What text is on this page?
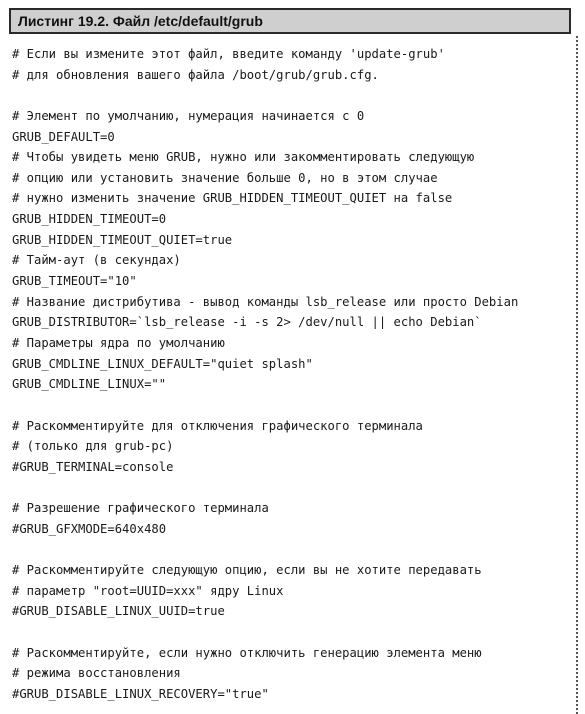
Листинг 19.2. Файл /etc/default/grub
# Если вы измените этот файл, введите команду 'update-grub'
# для обновления вашего файла /boot/grub/grub.cfg.
# Элемент по умолчанию, нумерация начинается с 0
GRUB_DEFAULT=0
# Чтобы увидеть меню GRUB, нужно или закомментировать следующую
# опцию или установить значение больше 0, но в этом случае
# нужно изменить значение GRUB_HIDDEN_TIMEOUT_QUIET на false
GRUB_HIDDEN_TIMEOUT=0
GRUB_HIDDEN_TIMEOUT_QUIET=true
# Тайм-аут (в секундах)
GRUB_TIMEOUT="10"
# Название дистрибутива - вывод команды lsb_release или просто Debian
GRUB_DISTRIBUTOR=`lsb_release -i -s 2> /dev/null || echo Debian`
# Параметры ядра по умолчанию
GRUB_CMDLINE_LINUX_DEFAULT="quiet splash"
GRUB_CMDLINE_LINUX=""
# Раскомментируйте для отключения графического терминала
# (только для grub-pc)
#GRUB_TERMINAL=console
# Разрешение графического терминала
#GRUB_GFXMODE=640x480
# Раскомментируйте следующую опцию, если вы не хотите передавать
# параметр "root=UUID=xxx" ядру Linux
#GRUB_DISABLE_LINUX_UUID=true
# Раскомментируйте, если нужно отключить генерацию элемента меню
# режима восстановления
#GRUB_DISABLE_LINUX_RECOVERY="true"
